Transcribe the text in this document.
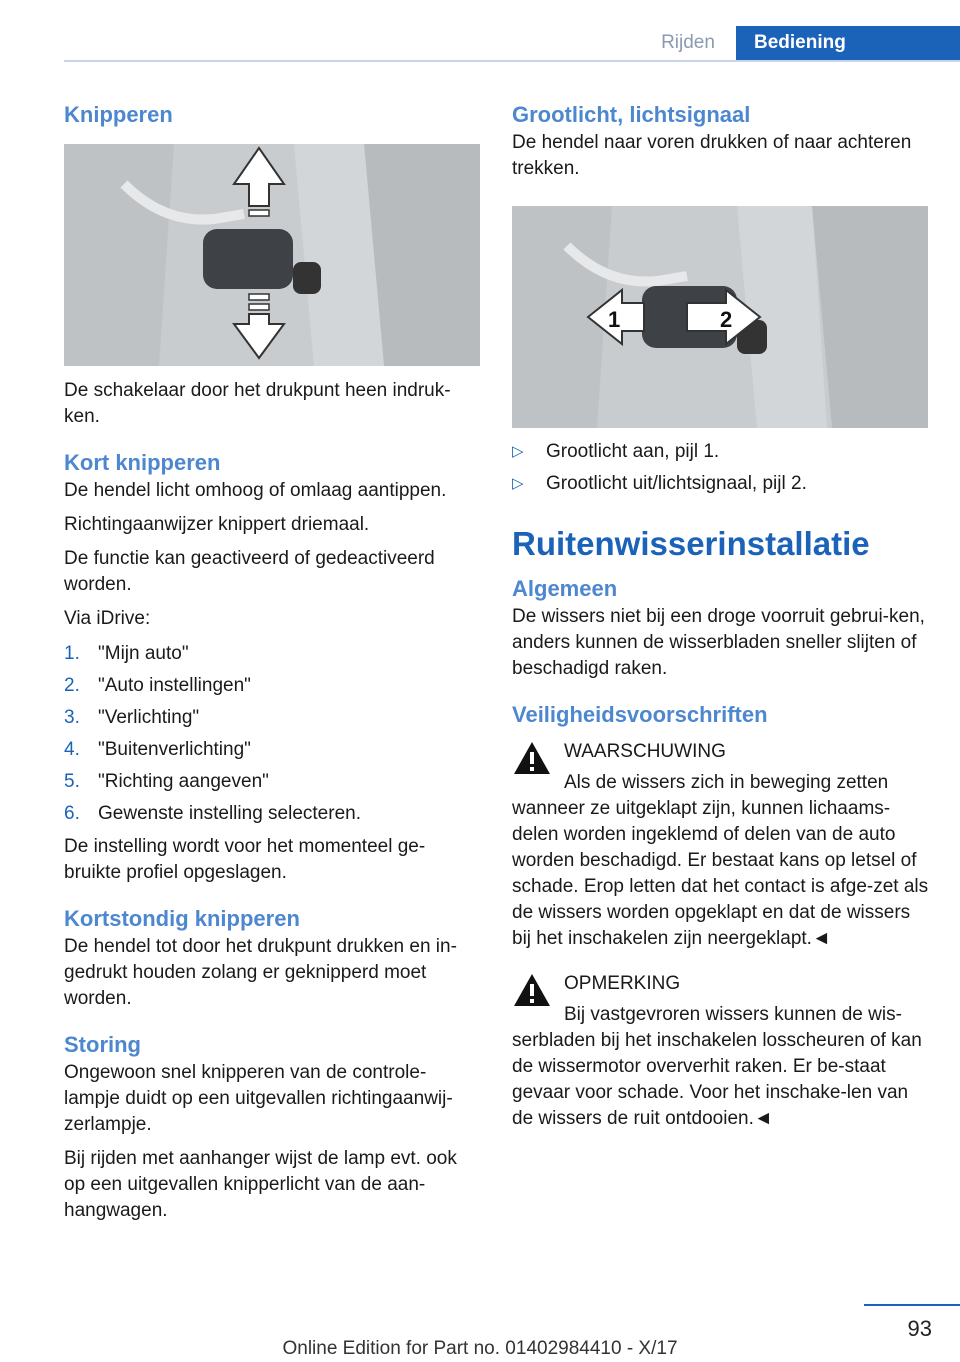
Rijden	Bediening
Knipperen

De schakelaar door het drukpunt heen indruk-ken.

Kort knipperen

De hendel licht omhoog of omlaag aantippen.

Richtingaanwijzer knippert driemaal.

De functie kan geactiveerd of gedeactiveerd worden.

Via iDrive:

1. "Mijn auto"
2. "Auto instellingen"
3. "Verlichting"
4. "Buitenverlichting"
5. "Richting aangeven"
6. Gewenste instelling selecteren.

De instelling wordt voor het momenteel ge-bruikte profiel opgeslagen.

Kortstondig knipperen

De hendel tot door het drukpunt drukken en in-gedrukt houden zolang er geknipperd moet worden.

Storing

Ongewoon snel knipperen van de controle-lampje duidt op een uitgevallen richtingaanwij-zerlampje.

Bij rijden met aanhanger wijst de lamp evt. ook op een uitgevallen knipperlicht van de aan-hangwagen.

Grootlicht, lichtsignaal

De hendel naar voren drukken of naar achteren trekken.

1	2
▷	Grootlicht aan, pijl 1.
▷	Grootlicht uit/lichtsignaal, pijl 2.
Ruitenwisserinstallatie
Algemeen

De wissers niet bij een droge voorruit gebrui-ken, anders kunnen de wisserbladen sneller slijten of beschadigd raken.

Veiligheidsvoorschriften
WAARSCHUWING

Als de wissers zich in beweging zetten

wanneer ze uitgeklapt zijn, kunnen lichaams-delen worden ingeklemd of delen van de auto worden beschadigd. Er bestaat kans op letsel of schade. Erop letten dat het contact is afge-zet als de wissers worden opgeklapt en dat de wissers bij het inschakelen zijn neergeklapt.◄

OPMERKING

Bij vastgevroren wissers kunnen de wis-

serbladen bij het inschakelen losscheuren of kan de wissermotor oververhit raken. Er be-staat gevaar voor schade. Voor het inschake-len van de wissers de ruit ontdooien.◄

93
Online Edition for Part no. 01402984410 - X/17
